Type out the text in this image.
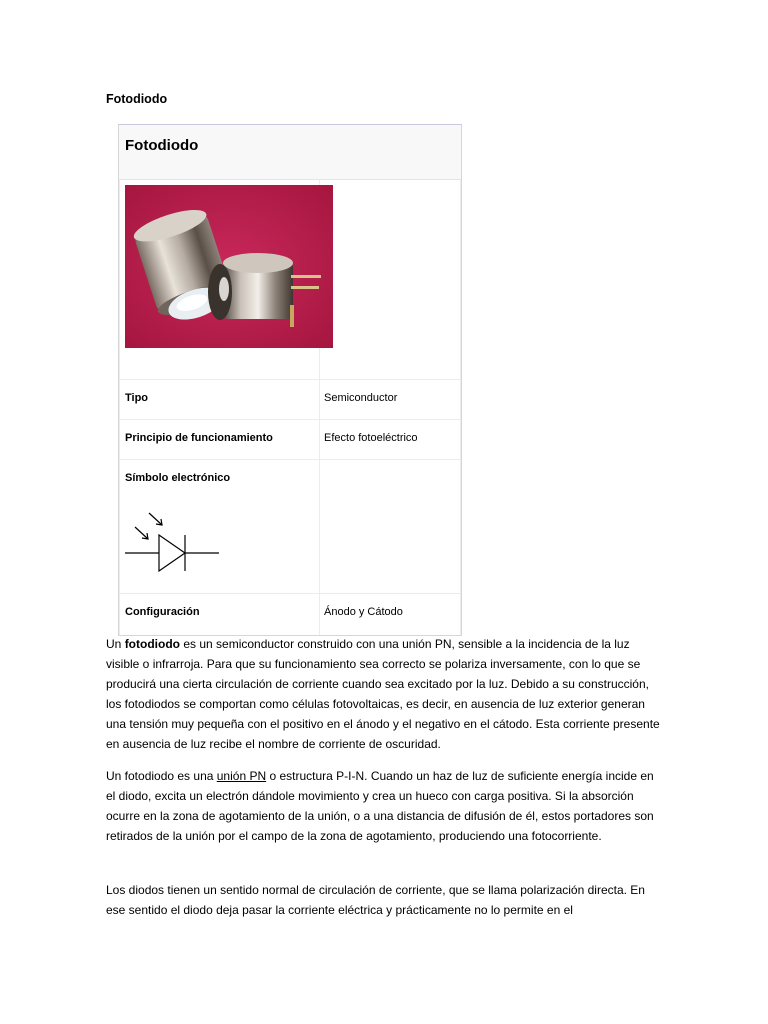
Fotodiodo
Fotodiodo
Tipo	Semiconductor
Principio de funcionamiento	Efecto fotoeléctrico
Símbolo electrónico
Configuración	Ánodo y Cátodo

Un fotodiodo es un semiconductor construido con una unión PN, sensible a la incidencia de la luz visible o infrarroja. Para que su funcionamiento sea correcto se polariza inversamente, con lo que se producirá una cierta circulación de corriente cuando sea excitado por la luz. Debido a su construcción, los fotodiodos se comportan como células fotovoltaicas, es decir, en ausencia de luz exterior generan una tensión muy pequeña con el positivo en el ánodo y el negativo en el cátodo. Esta corriente presente en ausencia de luz recibe el nombre de corriente de oscuridad.

Un fotodiodo es una unión PN o estructura P-I-N. Cuando un haz de luz de suficiente energía incide en el diodo, excita un electrón dándole movimiento y crea un hueco con carga positiva. Si la absorción ocurre en la zona de agotamiento de la unión, o a una distancia de difusión de él, estos portadores son retirados de la unión por el campo de la zona de agotamiento, produciendo una fotocorriente.

Los diodos tienen un sentido normal de circulación de corriente, que se llama polarización directa. En ese sentido el diodo deja pasar la corriente eléctrica y prácticamente no lo permite en el
